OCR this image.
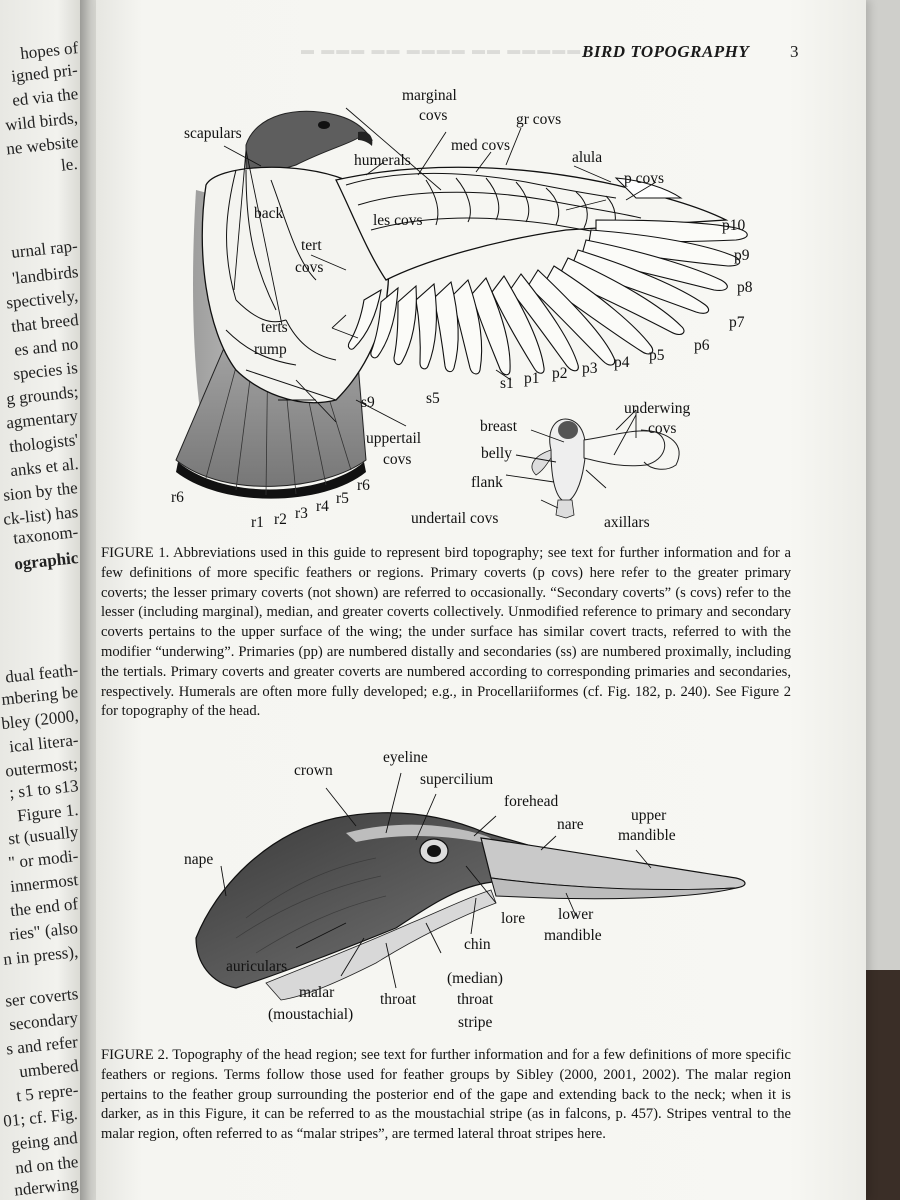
hopes of
igned pri-
ed via the
wild birds,
ne website
le.
urnal rap-
'landbirds
spectively,
that breed
es and no
species is
g grounds;
agmentary
thologists'
anks et al.
sion by the
ck-list) has
taxonom-
ographic
dual feath-
mbering be
bley (2000,
ical litera-
outermost;
; s1 to s13
Figure 1.
st (usually
" or modi-
innermost
the end of
ries" (also
n in press),
ser coverts
secondary
s and refer
umbered
t 5 repre-
01; cf. Fig.
geing and
nd on the
nderwing
▬ ▬▬▬ ▬▬ ▬▬▬▬ ▬▬ ▬▬▬▬▬ BIRD TOPOGRAPHY 3
marginal
covs
scapulars
gr covs
med covs
humerals	alula
p covs
back	les covs	p10
tert
covs
p9
p8
p7
terts
rump	p6
p5
p4
p3
p2
p1
s1
s9	s5
underwing
covs
breast
uppertail
covs	belly
flank
r6
r6
r5
r4
r3
r2
r1	undertail covs	axillars
FIGURE 1. Abbreviations used in this guide to represent bird topography; see text for further information and for a few definitions of more specific feathers or regions. Primary coverts (p covs) here refer to the greater primary coverts; the lesser primary coverts (not shown) are referred to occasionally. “Secondary coverts” (s covs) refer to the lesser (including marginal), median, and greater coverts collectively. Unmodified reference to primary and secondary coverts pertains to the upper surface of the wing; the under surface has similar covert tracts, referred to with the modifier “underwing”. Primaries (pp) are numbered distally and secondaries (ss) are numbered proximally, including the tertials. Primary coverts and greater coverts are numbered according to corresponding primaries and secondaries, respectively. Humerals are often more fully developed; e.g., in Procellariiformes (cf. Fig. 182, p. 240). See Figure 2 for topography of the head.
eyeline
crown
supercilium
forehead
upper
mandible
nare
nape
lore lower
mandible
chin
auriculars
(median)
throat
stripe
malar
(moustachial)
throat
FIGURE 2. Topography of the head region; see text for further information and for a few definitions of more specific feathers or regions. Terms follow those used for feather groups by Sibley (2000, 2001, 2002). The malar region pertains to the feather group surrounding the posterior end of the gape and extending back to the neck; when it is darker, as in this Figure, it can be referred to as the moustachial stripe (as in falcons, p. 457). Stripes ventral to the malar region, often referred to as “malar stripes”, are termed lateral throat stripes here.
